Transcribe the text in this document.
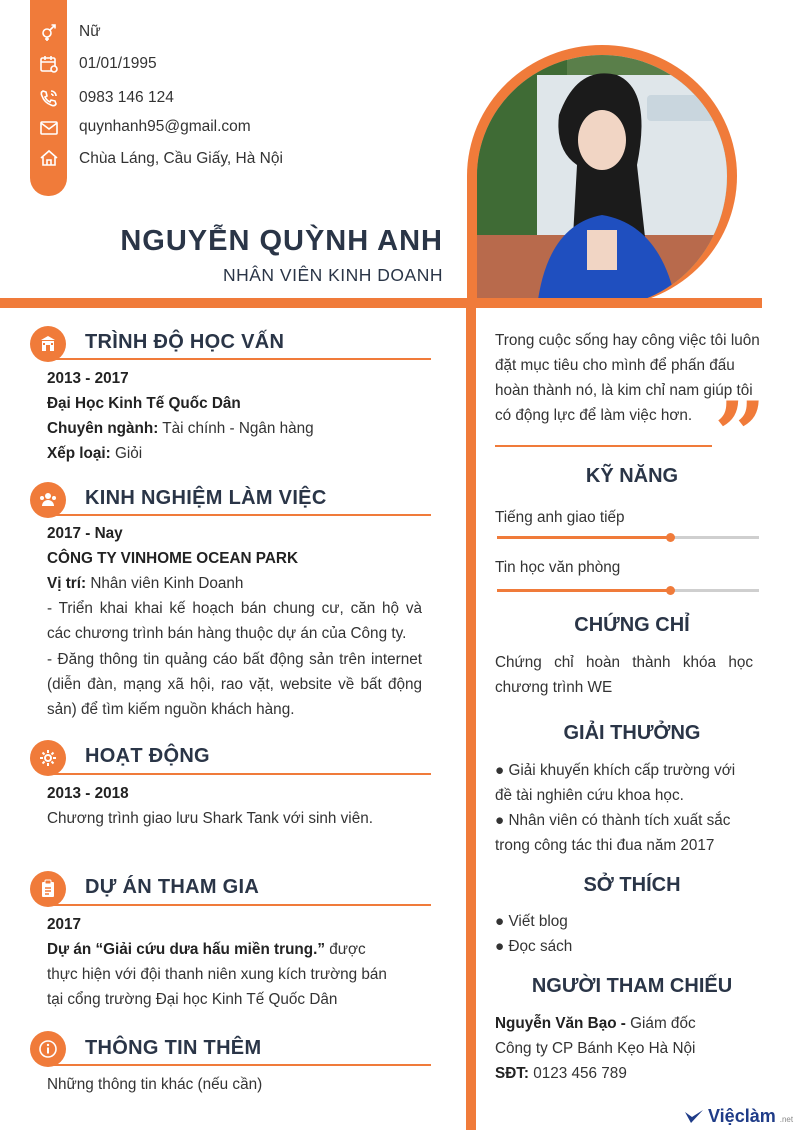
Nữ
01/01/1995
0983 146 124
quynhanh95@gmail.com
Chùa Láng, Cầu Giấy, Hà Nội
NGUYỄN QUỲNH ANH
NHÂN VIÊN KINH DOANH
TRÌNH ĐỘ HỌC VẤN
2013 - 2017
Đại Học Kinh Tế Quốc Dân
Chuyên ngành: Tài chính - Ngân hàng
Xếp loại: Giỏi
KINH NGHIỆM LÀM VIỆC
2017 - Nay
CÔNG TY VINHOME OCEAN PARK
Vị trí: Nhân viên Kinh Doanh
- Triển khai khai kế hoạch bán chung cư, căn hộ và các chương trình bán hàng thuộc dự án của Công ty.
- Đăng thông tin quảng cáo bất động sản trên internet (diễn đàn, mạng xã hội, rao vặt, website về bất động sản) để tìm kiếm nguồn khách hàng.
HOẠT ĐỘNG
2013 - 2018
Chương trình giao lưu Shark Tank với sinh viên.
DỰ ÁN THAM GIA
2017
Dự án “Giải cứu dưa hấu miền trung.” được thực hiện với đội thanh niên xung kích trường bán tại cổng trường Đại học Kinh Tế Quốc Dân
THÔNG TIN THÊM
Những thông tin khác (nếu cần)
Trong cuộc sống hay công việc tôi luôn đặt mục tiêu cho mình để phấn đấu hoàn thành nó, là kim chỉ nam giúp tôi có động lực để làm việc hơn. ”
KỸ NĂNG
Tiếng anh giao tiếp
Tin học văn phòng
CHỨNG CHỈ
Chứng chỉ hoàn thành khóa học chương trình WE
GIẢI THƯỞNG
● Giải khuyến khích cấp trường với đề tài nghiên cứu khoa học.
● Nhân viên có thành tích xuất sắc trong công tác thi đua năm 2017
SỞ THÍCH
● Viết blog
● Đọc sách
NGƯỜI THAM CHIẾU
Nguyễn Văn Bạo - Giám đốc
Công ty CP Bánh Kẹo Hà Nội
SĐT: 0123 456 789
Việclàm .net
